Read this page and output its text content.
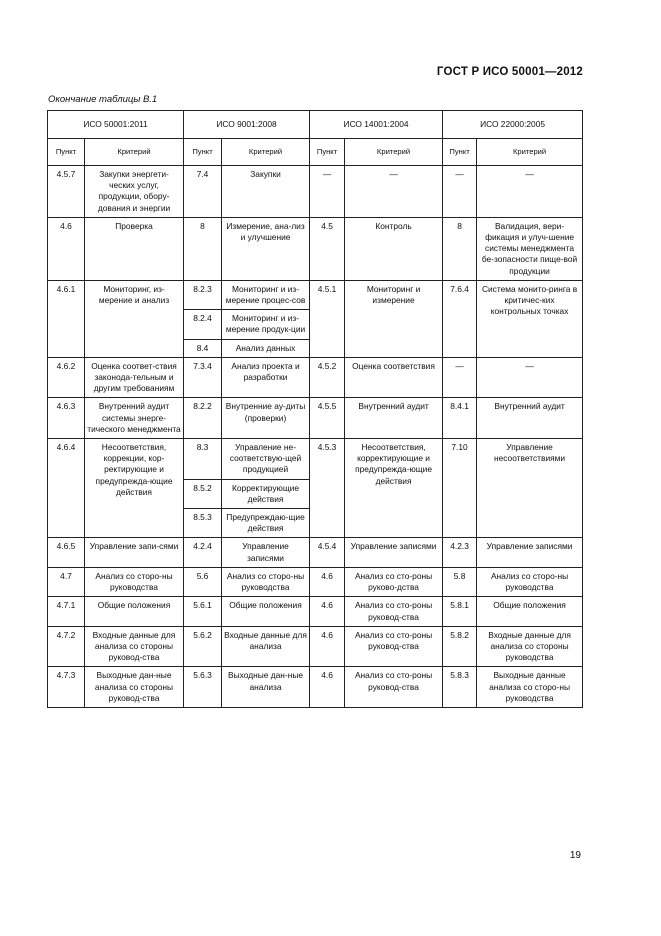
ГОСТ Р ИСО 50001—2012
Окончание таблицы В.1
ИСО 50001:2011		ИСО 9001:2008		ИСО 14001:2004		ИСО 22000:2005	
Пункт	Критерий	Пункт	Критерий	Пункт	Критерий	Пункт	Критерий
4.5.7	Закупки энергети-ческих услуг, продукции, обору-дования и энергии	7.4	Закупки	—	—	—	—
4.6	Проверка	8	Измерение, ана-лиз и улучшение	4.5	Контроль	8	Валидация, вери-фикация и улуч-шение системы менеджмента бе-зопасности пище-вой продукции
4.6.1	Мониторинг, из-мерение и анализ	8.2.3	Мониторинг и из-мерение процес-сов	4.5.1	Мониторинг и измерение	7.6.4	Система монито-ринга в критичес-ких контрольных точках
		8.2.4	Мониторинг и из-мерение продук-ции				
		8.4	Анализ данных				
4.6.2	Оценка соответ-ствия законода-тельным и другим требованиям	7.3.4	Анализ проекта и разработки	4.5.2	Оценка соответствия	—	—
4.6.3	Внутренний аудит системы энерге-тического менеджмента	8.2.2	Внутренние ау-диты (проверки)	4.5.5	Внутренний аудит	8.4.1	Внутренний аудит
4.6.4	Несоответствия, коррекции, кор-ректирующие и предупрежда-ющие действия	8.3	Управление не-соответствую-щей продукцией	4.5.3	Несоответствия, корректирующие и предупрежда-ющие действия	7.10	Управление несоответствиями
		8.5.2	Корректирующие действия				
		8.5.3	Предупреждаю-щие действия				
4.6.5	Управление запи-сями	4.2.4	Управление записями	4.5.4	Управление записями	4.2.3	Управление записями
4.7	Анализ со сторо-ны руководства	5.6	Анализ со сторо-ны руководства	4.6	Анализ со сто-роны руково-дства	5.8	Анализ со сторо-ны руководства
4.7.1	Общие положения	5.6.1	Общие положения	4.6	Анализ со сто-роны руковод-ства	5.8.1	Общие положения
4.7.2	Входные данные для анализа со стороны руковод-ства	5.6.2	Входные данные для анализа	4.6	Анализ со сто-роны руковод-ства	5.8.2	Входные данные для анализа со стороны руководства
4.7.3	Выходные дан-ные анализа со стороны руковод-ства	5.6.3	Выходные дан-ные анализа	4.6	Анализ со сто-роны руковод-ства	5.8.3	Выходные данные анализа со сторо-ны руководства
19
